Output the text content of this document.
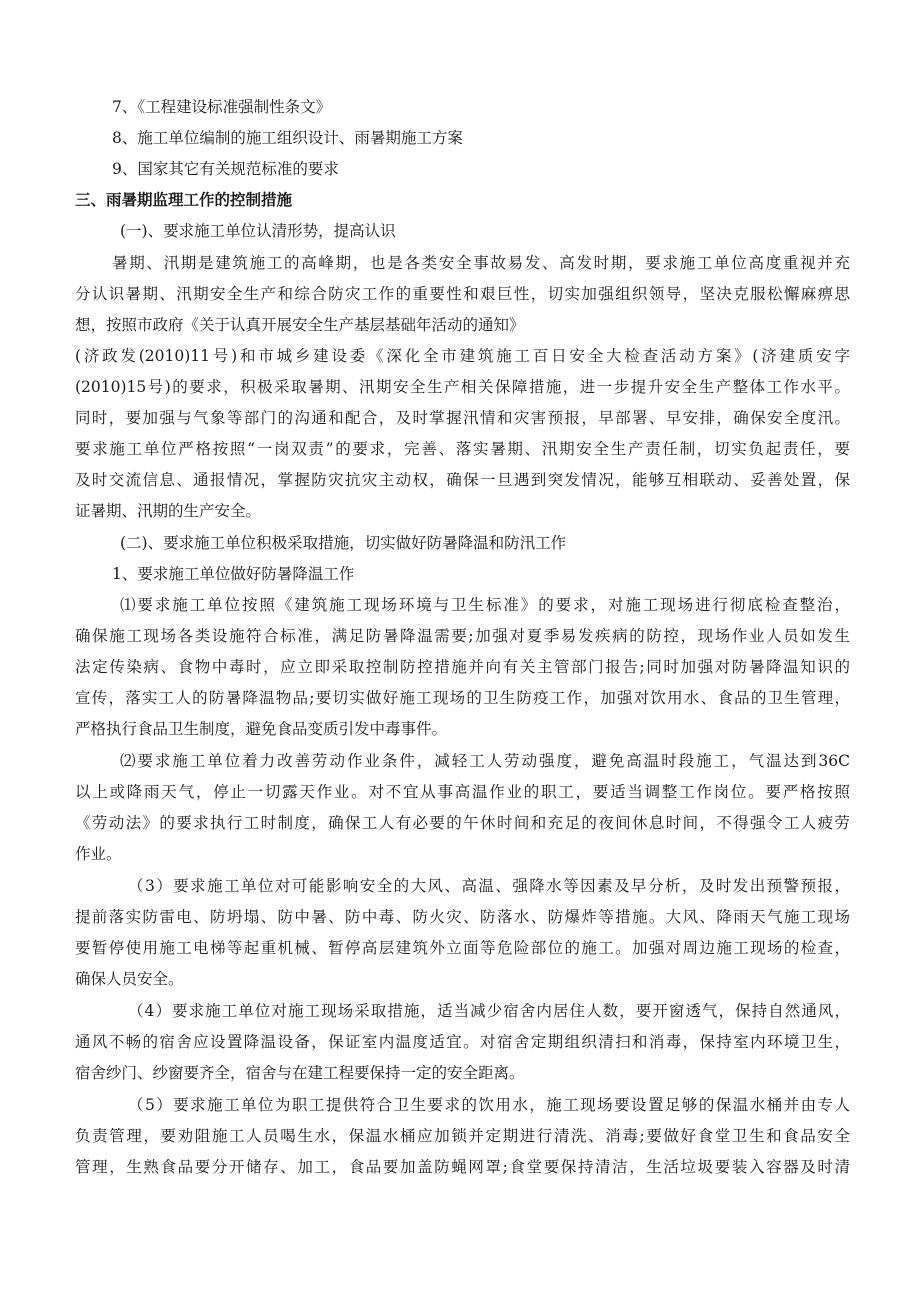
7、《工程建设标准强制性条文》
8、施工单位编制的施工组织设计、雨暑期施工方案
9、国家其它有关规范标准的要求
三、雨暑期监理工作的控制措施
(一)、要求施工单位认清形势，提高认识
暑期、汛期是建筑施工的高峰期，也是各类安全事故易发、高发时期，要求施工单位高度重视并充
分认识暑期、汛期安全生产和综合防灾工作的重要性和艰巨性，切实加强组织领导，坚决克服松懈麻痹思
想，按照市政府《关于认真开展安全生产基层基础年活动的通知》
(济政发(2010)11号)和市城乡建设委《深化全市建筑施工百日安全大检查活动方案》(济建质安字
(2010)15号)的要求，积极采取暑期、汛期安全生产相关保障措施，进一步提升安全生产整体工作水平。
同时，要加强与气象等部门的沟通和配合，及时掌握汛情和灾害预报，早部署、早安排，确保安全度汛。
要求施工单位严格按照“一岗双责”的要求，完善、落实暑期、汛期安全生产责任制，切实负起责任，要
及时交流信息、通报情况，掌握防灾抗灾主动权，确保一旦遇到突发情况，能够互相联动、妥善处置，保
证暑期、汛期的生产安全。
(二)、要求施工单位积极采取措施，切实做好防暑降温和防汛工作
1、要求施工单位做好防暑降温工作
⑴要求施工单位按照《建筑施工现场环境与卫生标准》的要求，对施工现场进行彻底检查整治，
确保施工现场各类设施符合标准，满足防暑降温需要;加强对夏季易发疾病的防控，现场作业人员如发生
法定传染病、食物中毒时，应立即采取控制防控措施并向有关主管部门报告;同时加强对防暑降温知识的
宣传，落实工人的防暑降温物品;要切实做好施工现场的卫生防疫工作，加强对饮用水、食品的卫生管理，
严格执行食品卫生制度，避免食品变质引发中毒事件。
⑵要求施工单位着力改善劳动作业条件，减轻工人劳动强度，避免高温时段施工，气温达到36C
以上或降雨天气，停止一切露天作业。对不宜从事高温作业的职工，要适当调整工作岗位。要严格按照
《劳动法》的要求执行工时制度，确保工人有必要的午休时间和充足的夜间休息时间，不得强令工人疲劳
作业。
（3）要求施工单位对可能影响安全的大风、高温、强降水等因素及早分析，及时发出预警预报，
提前落实防雷电、防坍塌、防中暑、防中毒、防火灾、防落水、防爆炸等措施。大风、降雨天气施工现场
要暂停使用施工电梯等起重机械、暂停高层建筑外立面等危险部位的施工。加强对周边施工现场的检查，
确保人员安全。
（4）要求施工单位对施工现场采取措施，适当减少宿舍内居住人数，要开窗透气，保持自然通风，
通风不畅的宿舍应设置降温设备，保证室内温度适宜。对宿舍定期组织清扫和消毒，保持室内环境卫生，
宿舍纱门、纱窗要齐全，宿舍与在建工程要保持一定的安全距离。
（5）要求施工单位为职工提供符合卫生要求的饮用水，施工现场要设置足够的保温水桶并由专人
负责管理，要劝阻施工人员喝生水，保温水桶应加锁并定期进行清洗、消毒;要做好食堂卫生和食品安全
管理，生熟食品要分开储存、加工，食品要加盖防蝇网罩;食堂要保持清洁，生活垃圾要装入容器及时清
